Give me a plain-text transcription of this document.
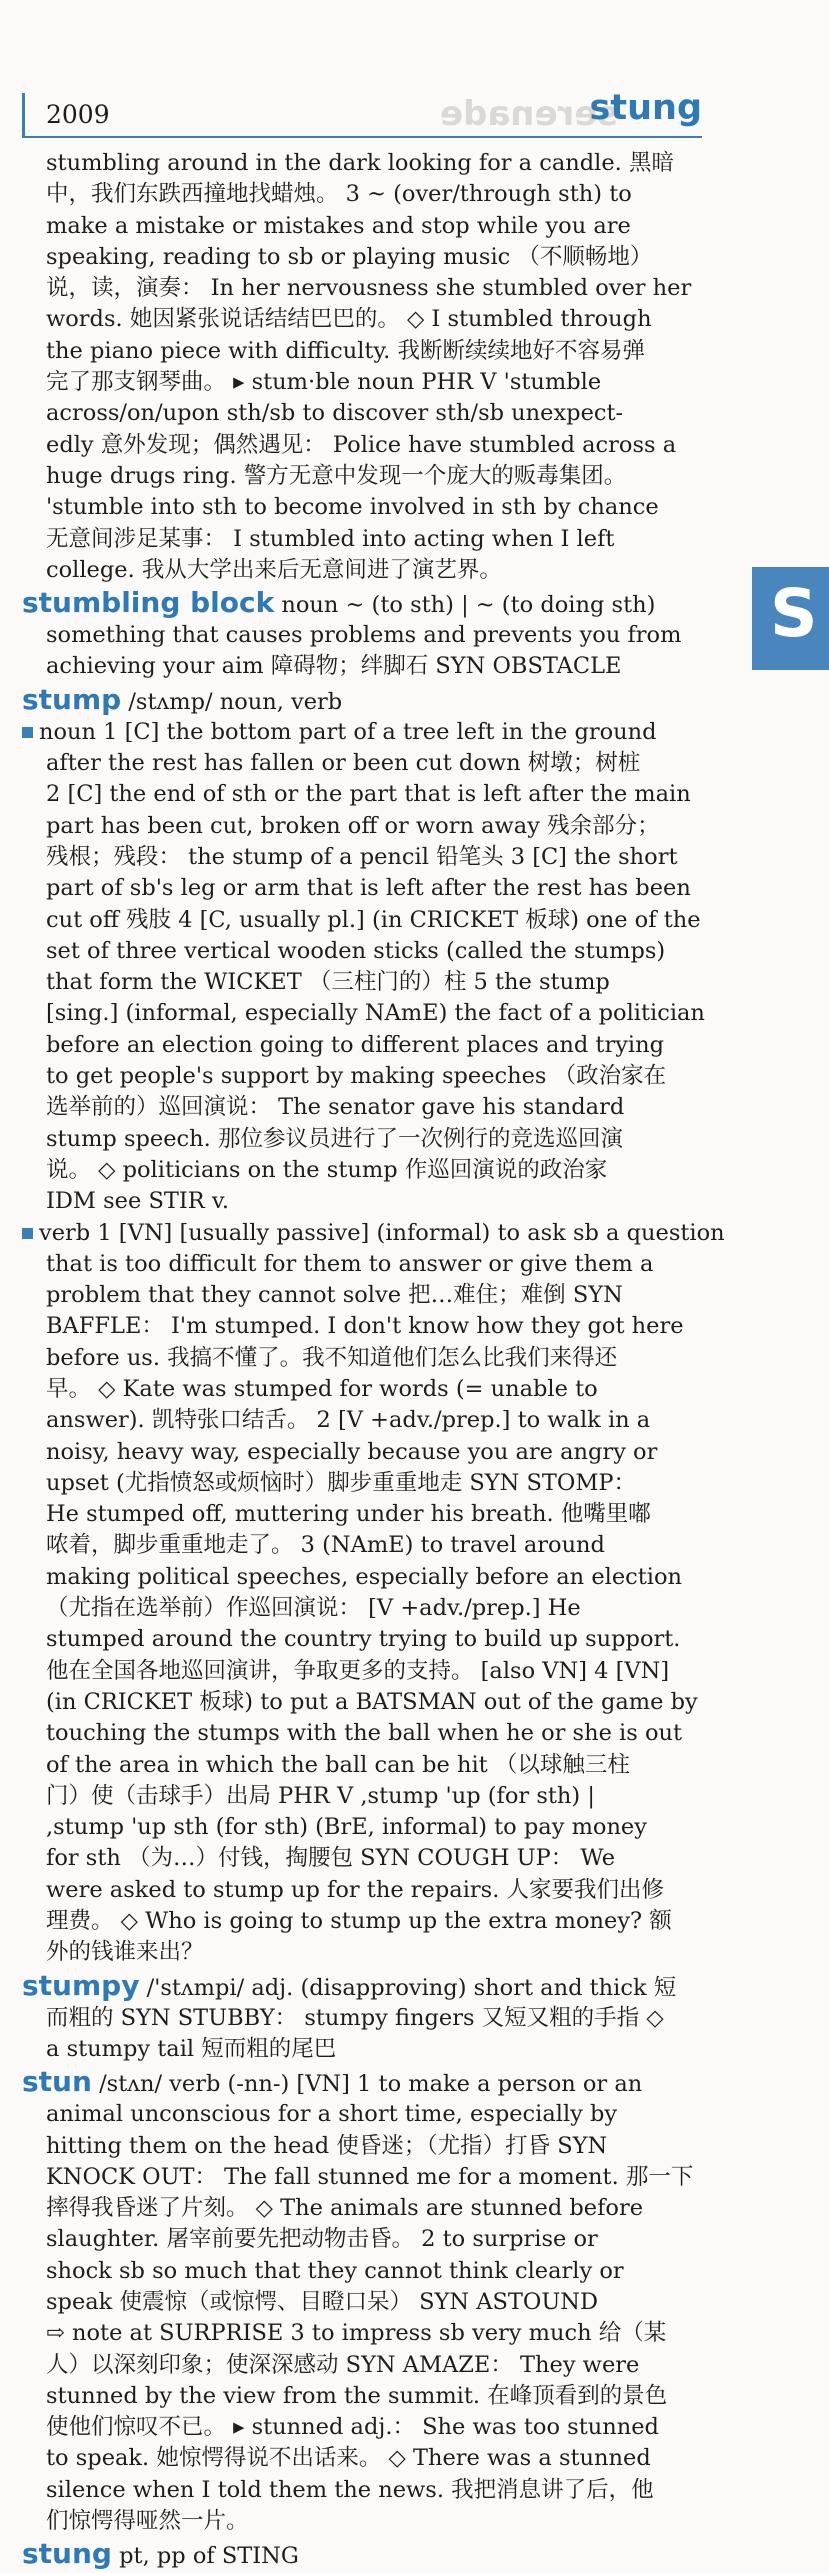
serenade
2009	stung
S
stumbling around in the dark looking for a candle. 黑暗
中，我们东跌西撞地找蜡烛。 3 ~ (over/through sth) to
make a mistake or mistakes and stop while you are
speaking, reading to sb or playing music （不顺畅地）
说，读，演奏： In her nervousness she stumbled over her
words. 她因紧张说话结结巴巴的。 ◇ I stumbled through
the piano piece with difficulty. 我断断续续地好不容易弹
完了那支钢琴曲。 ▸ stum·ble noun PHR V 'stumble
across/on/upon sth/sb to discover sth/sb unexpect-
edly 意外发现；偶然遇见： Police have stumbled across a
huge drugs ring. 警方无意中发现一个庞大的贩毒集团。
'stumble into sth to become involved in sth by chance
无意间涉足某事： I stumbled into acting when I left
college. 我从大学出来后无意间进了演艺界。
stumbling block noun ~ (to sth) | ~ (to doing sth)
something that causes problems and prevents you from
achieving your aim 障碍物；绊脚石 SYN OBSTACLE
stump /stʌmp/ noun, verb
noun 1 [C] the bottom part of a tree left in the ground
after the rest has fallen or been cut down 树墩；树桩
2 [C] the end of sth or the part that is left after the main
part has been cut, broken off or worn away 残余部分；
残根；残段： the stump of a pencil 铅笔头 3 [C] the short
part of sb's leg or arm that is left after the rest has been
cut off 残肢 4 [C, usually pl.] (in CRICKET 板球) one of the
set of three vertical wooden sticks (called the stumps)
that form the WICKET （三柱门的）柱 5 the stump
[sing.] (informal, especially NAmE) the fact of a politician
before an election going to different places and trying
to get people's support by making speeches （政治家在
选举前的）巡回演说： The senator gave his standard
stump speech. 那位参议员进行了一次例行的竞选巡回演
说。 ◇ politicians on the stump 作巡回演说的政治家
IDM see STIR v.
verb 1 [VN] [usually passive] (informal) to ask sb a question
that is too difficult for them to answer or give them a
problem that they cannot solve 把…难住；难倒 SYN
BAFFLE： I'm stumped. I don't know how they got here
before us. 我搞不懂了。我不知道他们怎么比我们来得还
早。 ◇ Kate was stumped for words (= unable to
answer). 凯特张口结舌。 2 [V +adv./prep.] to walk in a
noisy, heavy way, especially because you are angry or
upset (尤指愤怒或烦恼时）脚步重重地走 SYN STOMP：
He stumped off, muttering under his breath. 他嘴里嘟
哝着，脚步重重地走了。 3 (NAmE) to travel around
making political speeches, especially before an election
（尤指在选举前）作巡回演说： [V +adv./prep.] He
stumped around the country trying to build up support.
他在全国各地巡回演讲，争取更多的支持。 [also VN] 4 [VN]
(in CRICKET 板球) to put a BATSMAN out of the game by
touching the stumps with the ball when he or she is out
of the area in which the ball can be hit （以球触三柱
门）使（击球手）出局 PHR V ,stump 'up (for sth) |
,stump 'up sth (for sth) (BrE, informal) to pay money
for sth （为…）付钱，掏腰包 SYN COUGH UP： We
were asked to stump up for the repairs. 人家要我们出修
理费。 ◇ Who is going to stump up the extra money? 额
外的钱谁来出？
stumpy /'stʌmpi/ adj. (disapproving) short and thick 短
而粗的 SYN STUBBY： stumpy fingers 又短又粗的手指 ◇
a stumpy tail 短而粗的尾巴
stun /stʌn/ verb (-nn-) [VN] 1 to make a person or an
animal unconscious for a short time, especially by
hitting them on the head 使昏迷；（尤指）打昏 SYN
KNOCK OUT： The fall stunned me for a moment. 那一下
摔得我昏迷了片刻。 ◇ The animals are stunned before
slaughter. 屠宰前要先把动物击昏。 2 to surprise or
shock sb so much that they cannot think clearly or
speak 使震惊（或惊愕、目瞪口呆） SYN ASTOUND
⇨ note at SURPRISE 3 to impress sb very much 给（某
人）以深刻印象；使深深感动 SYN AMAZE： They were
stunned by the view from the summit. 在峰顶看到的景色
使他们惊叹不已。 ▸ stunned adj.： She was too stunned
to speak. 她惊愕得说不出话来。 ◇ There was a stunned
silence when I told them the news. 我把消息讲了后，他
们惊愕得哑然一片。
stung pt, pp of STING
